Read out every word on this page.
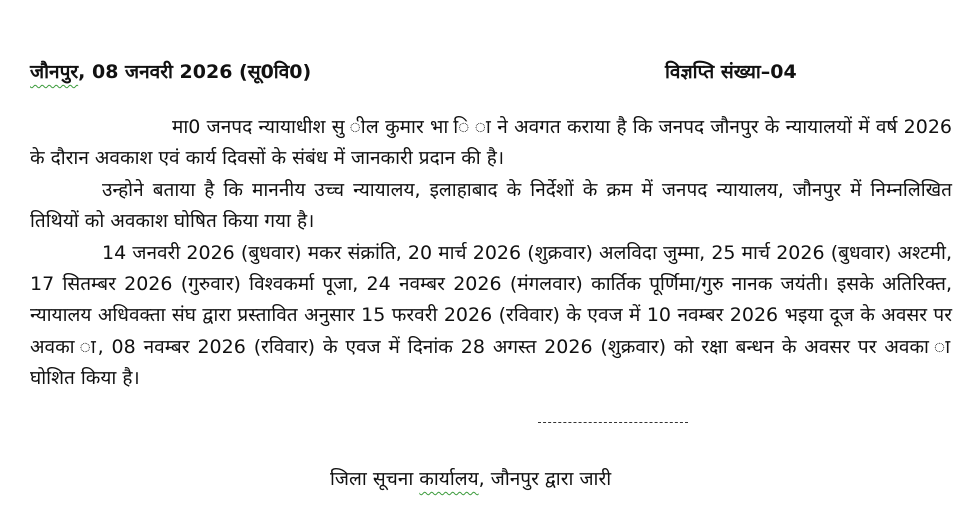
जौनपुर, 08 जनवरी 2026 (सू0वि0)	विज्ञप्ति संख्या–04

मा0 जनपद न्यायाधीश सु ील कुमार भा ि ा ने अवगत कराया है कि जनपद जौनपुर के न्यायालयों में वर्ष 2026 के दौरान अवकाश एवं कार्य दिवसों के संबंध में जानकारी प्रदान की है।

उन्होने बताया है कि माननीय उच्च न्यायालय, इलाहाबाद के निर्देशों के क्रम में जनपद न्यायालय, जौनपुर में निम्नलिखित तिथियों को अवकाश घोषित किया गया है।

14 जनवरी 2026 (बुधवार) मकर संक्रांति, 20 मार्च 2026 (शुक्रवार) अलविदा जुम्मा, 25 मार्च 2026 (बुधवार) अश्टमी, 17 सितम्बर 2026 (गुरुवार) विश्वकर्मा पूजा, 24 नवम्बर 2026 (मंगलवार) कार्तिक पूर्णिमा/गुरु नानक जयंती। इसके अतिरिक्त, न्यायालय अधिवक्ता संघ द्वारा प्रस्तावित अनुसार 15 फरवरी 2026 (रविवार) के एवज में 10 नवम्बर 2026 भइया दूज के अवसर पर अवका ा, 08 नवम्बर 2026 (रविवार) के एवज में दिनांक 28 अगस्त 2026 (शुक्रवार) को रक्षा बन्धन के अवसर पर अवका ा घोशित किया है।

जिला सूचना कार्यालय, जौनपुर द्वारा जारी
